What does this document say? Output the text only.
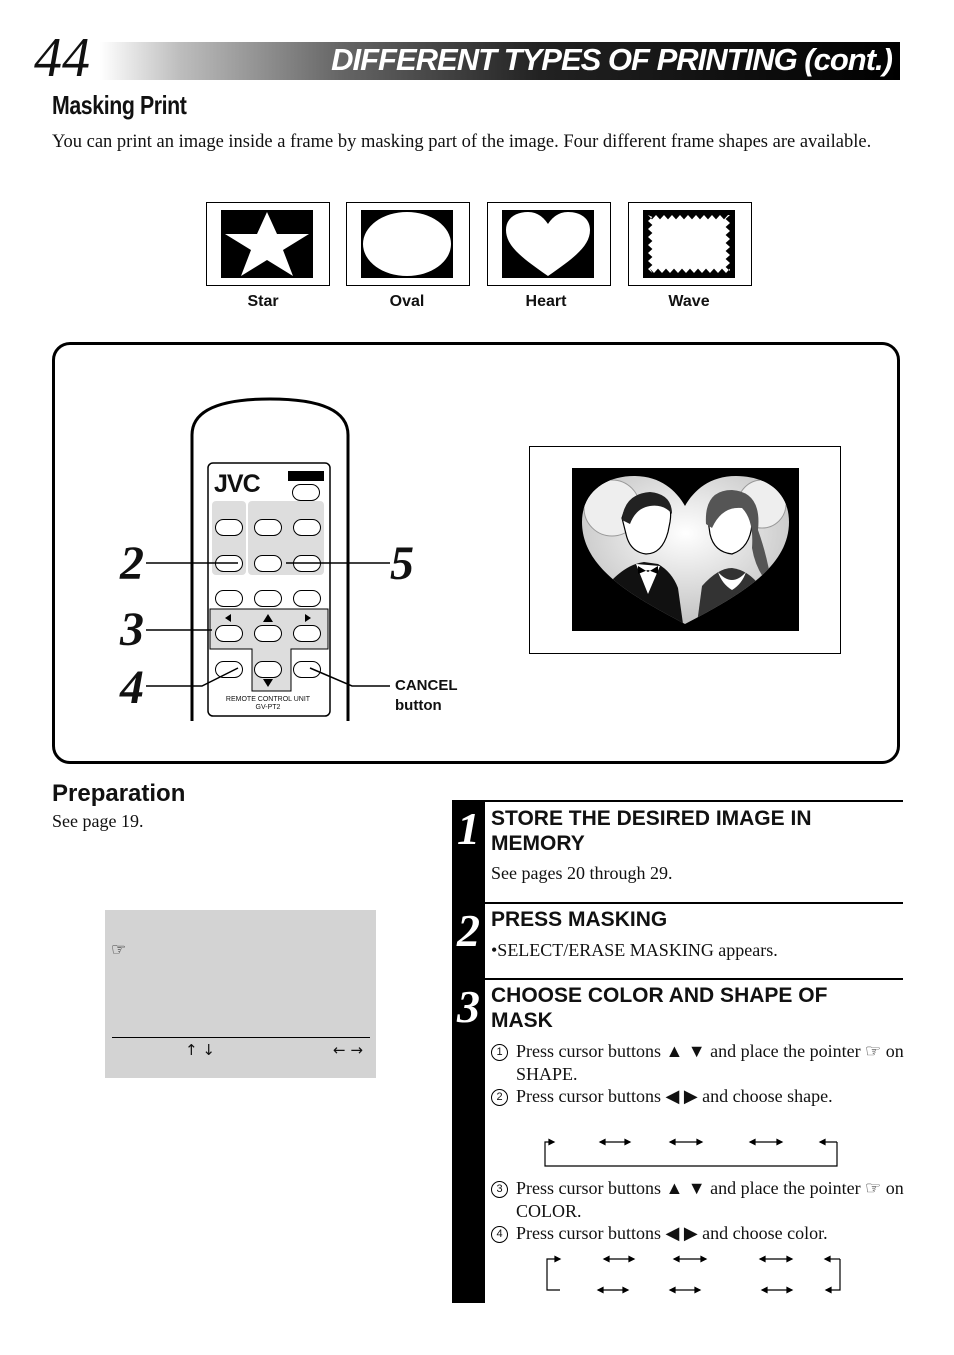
44	DIFFERENT TYPES OF PRINTING (cont.)
Masking Print
You can print an image inside a frame by masking part of the image. Four different frame shapes are available.
Star	Oval	Heart	Wave
JVC
REMOTE CONTROL UNIT
GV-PT2
2
3
4
5
CANCEL
button
Preparation
See page 19.
☞
↑ ↓	← →
1 STORE THE DESIRED IMAGE IN MEMORY
See pages 20 through 29.
2 PRESS MASKING
•SELECT/ERASE MASKING appears.
3 CHOOSE COLOR AND SHAPE OF MASK
1 Press cursor buttons ▲ ▼ and place the pointer ☞ on SHAPE.
2 Press cursor buttons ◀ ▶ and choose shape.
3 Press cursor buttons ▲ ▼ and place the pointer ☞ on COLOR.
4 Press cursor buttons ◀ ▶ and choose color.
